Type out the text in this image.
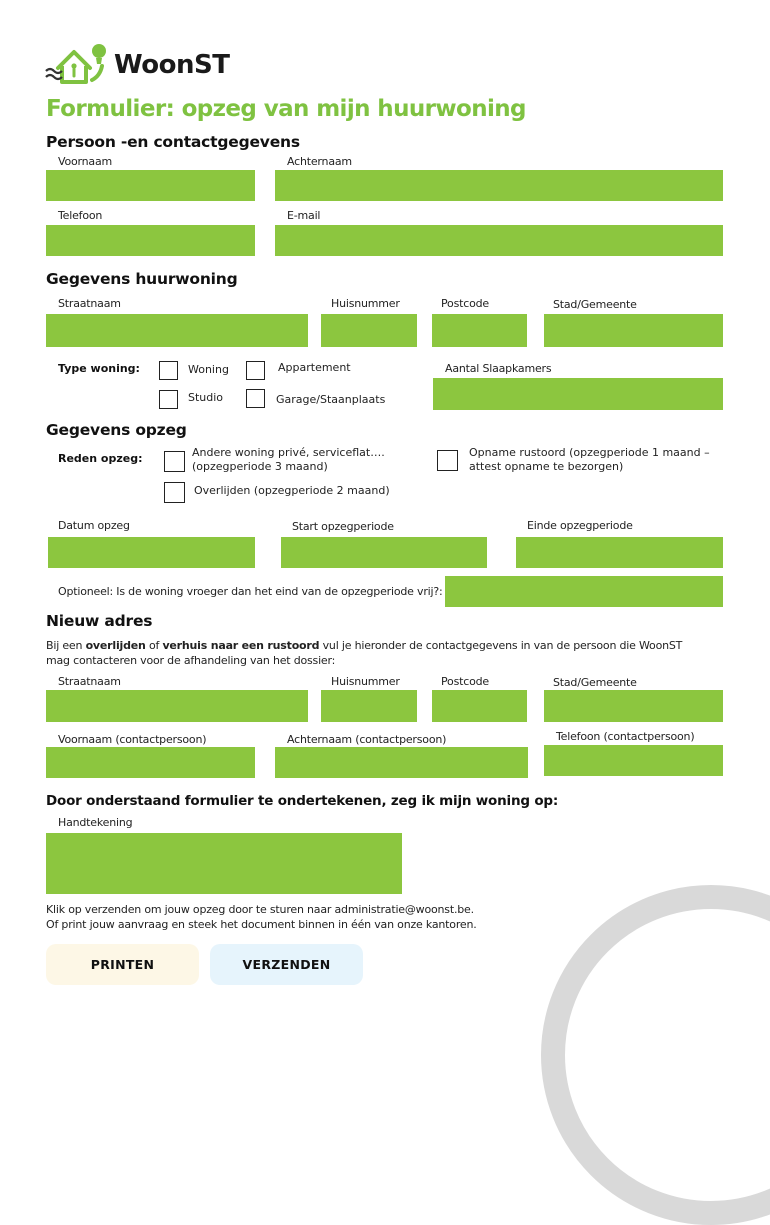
WoonST
Formulier: opzeg van mijn huurwoning
Persoon -en contactgegevens
Voornaam	Achternaam
Telefoon	E-mail
Gegevens huurwoning
Straatnaam	Huisnummer	Postcode	Stad/Gemeente
Type woning:	Woning	Appartement
Studio	Garage/Staanplaats
Aantal Slaapkamers
Gegevens opzeg
Reden opzeg:	Andere woning privé, serviceflat…. (opzegperiode 3 maand)
Opname rustoord (opzegperiode 1 maand – attest opname te bezorgen)
Overlijden (opzegperiode 2 maand)
Datum opzeg	Start opzegperiode	Einde opzegperiode
Optioneel: Is de woning vroeger dan het eind van de opzegperiode vrij?:
Nieuw adres
Bij een overlijden of verhuis naar een rustoord vul je hieronder de contactgegevens in van de persoon die WoonST mag contacteren voor de afhandeling van het dossier:
Straatnaam	Huisnummer	Postcode	Stad/Gemeente
Voornaam (contactpersoon)	Achternaam (contactpersoon)	Telefoon (contactpersoon)
Door onderstaand formulier te ondertekenen, zeg ik mijn woning op:
Handtekening
Klik op verzenden om jouw opzeg door te sturen naar administratie@woonst.be.
Of print jouw aanvraag en steek het document binnen in één van onze kantoren.
PRINTEN	VERZENDEN
